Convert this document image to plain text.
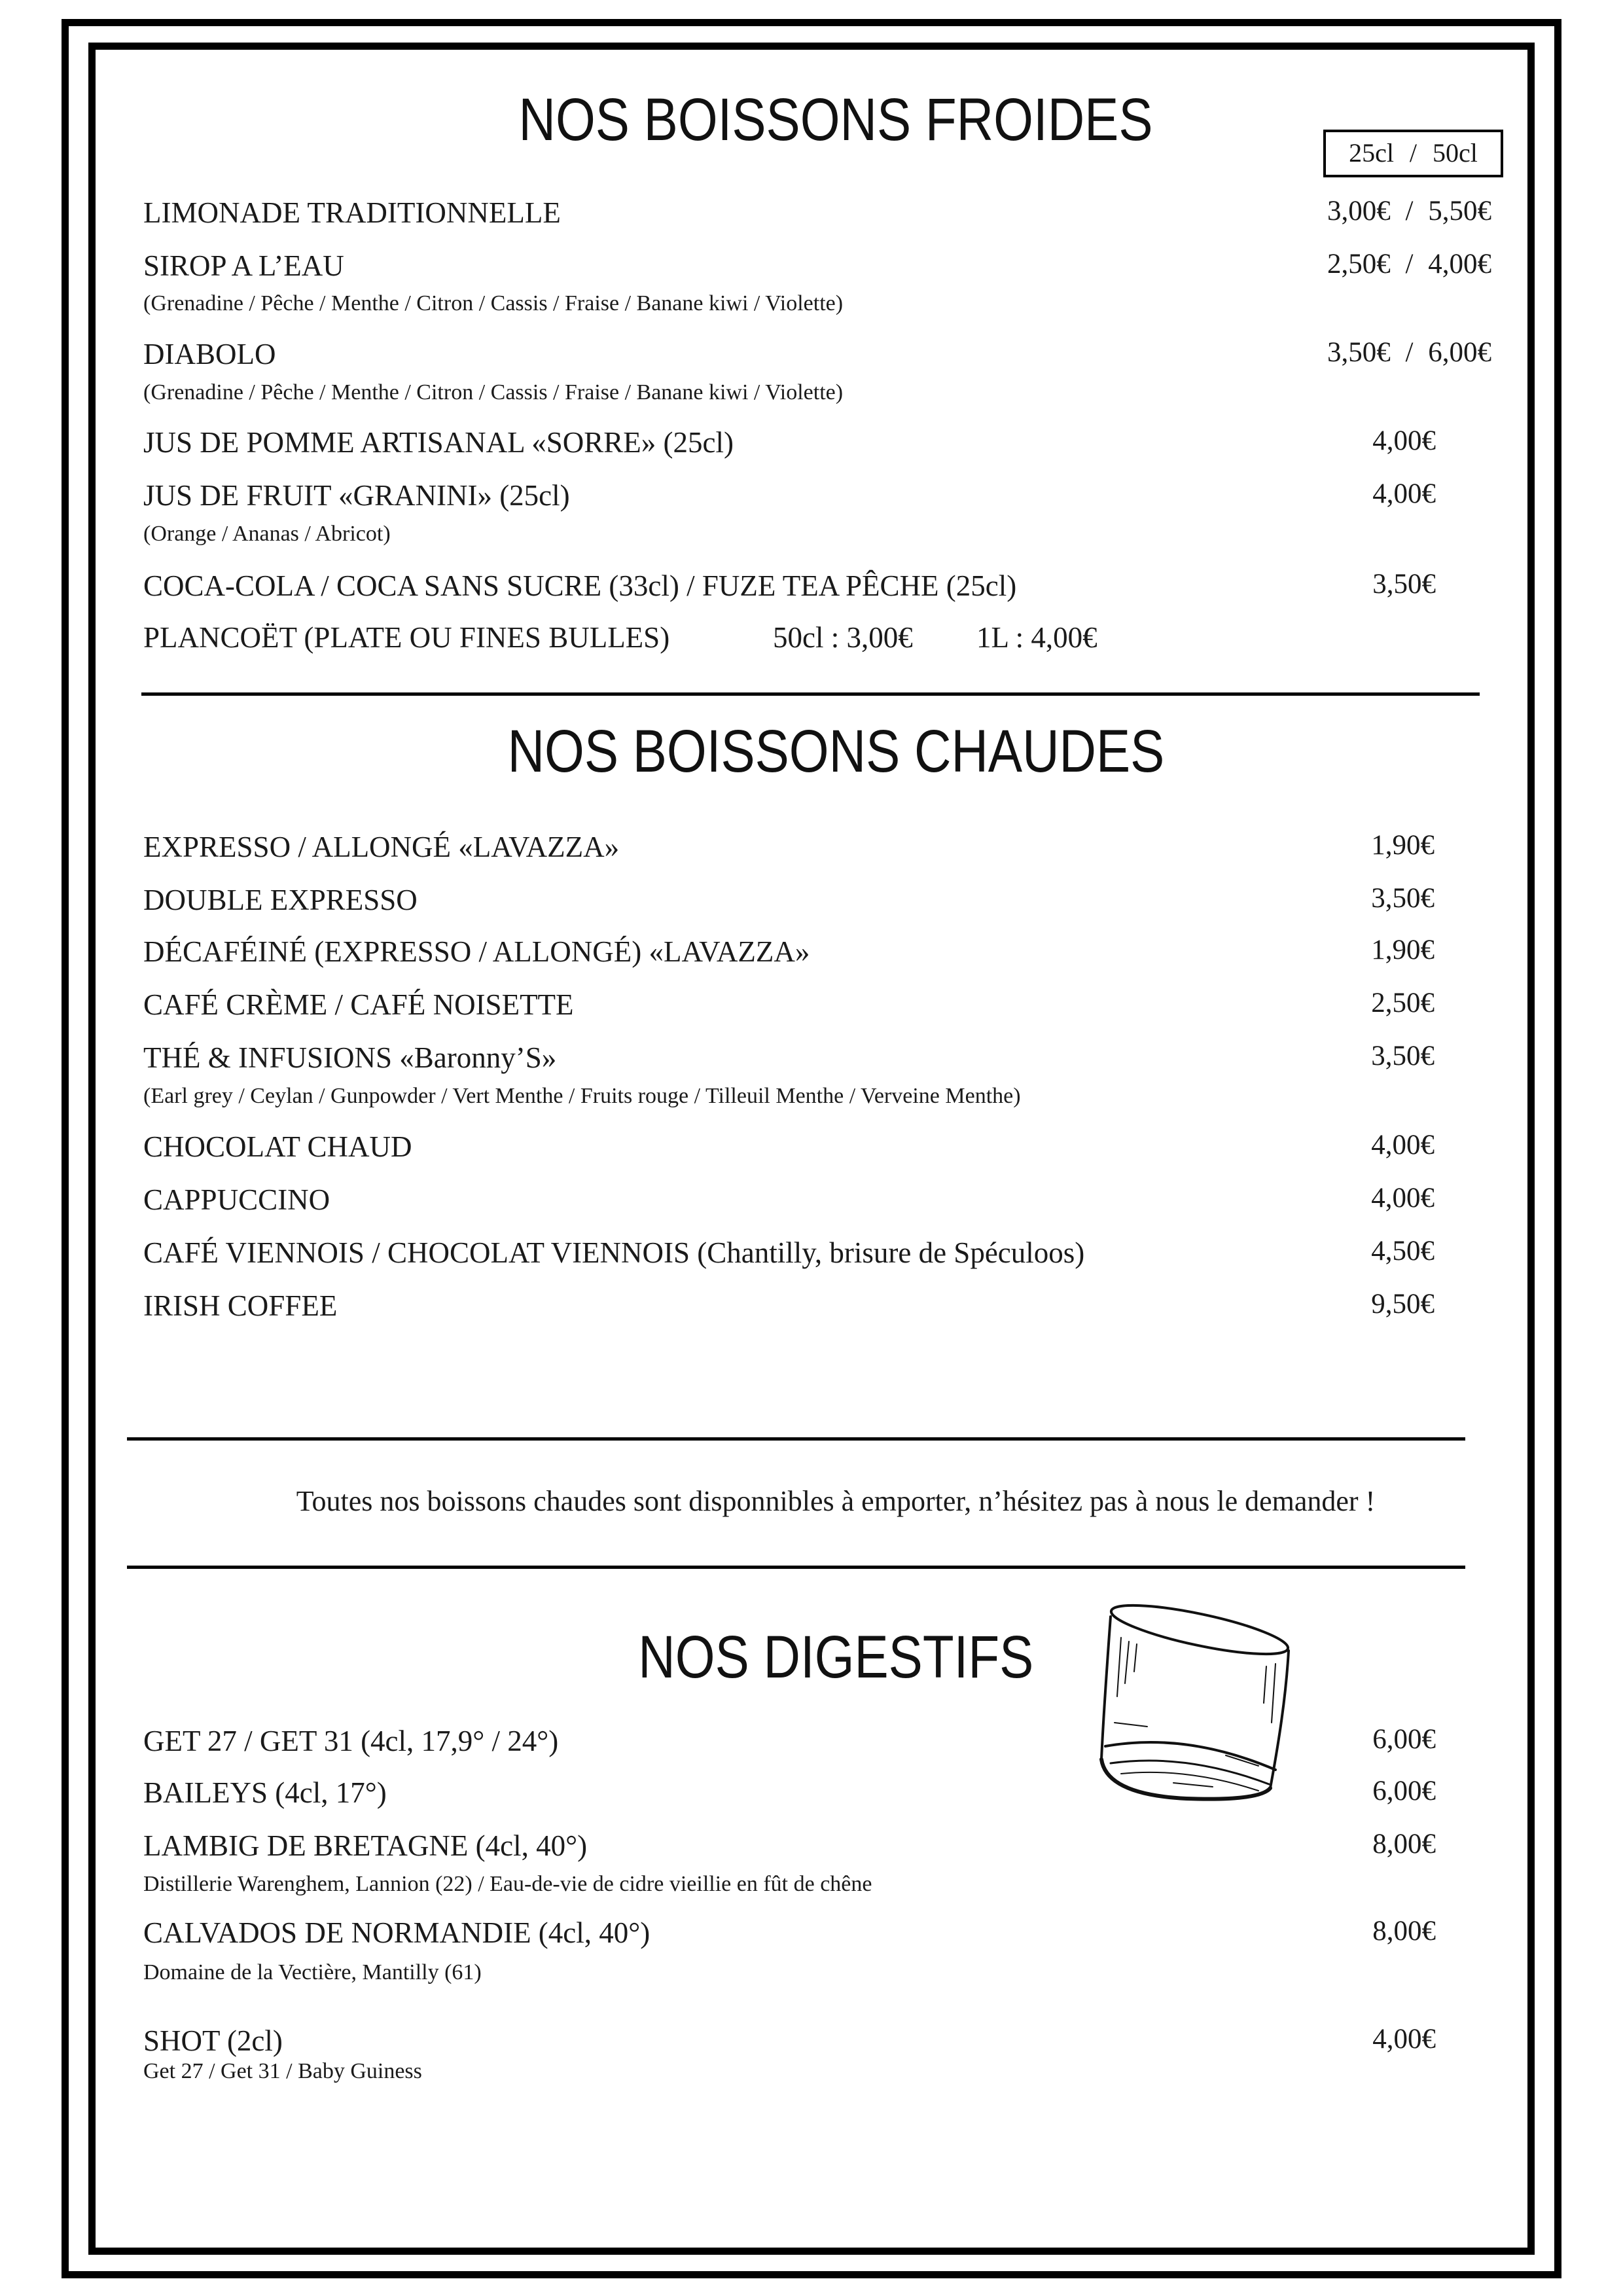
NOS BOISSONS FROIDES	25cl / 50cl
LIMONADE TRADITIONNELLE	3,00€ / 5,50€
SIROP A L’EAU	2,50€ / 4,00€
(Grenadine / Pêche / Menthe / Citron / Cassis / Fraise / Banane kiwi / Violette)
DIABOLO	3,50€ / 6,00€
(Grenadine / Pêche / Menthe / Citron / Cassis / Fraise / Banane kiwi / Violette)
JUS DE POMME ARTISANAL «SORRE» (25cl)	4,00€
JUS DE FRUIT «GRANINI» (25cl)	4,00€
(Orange / Ananas / Abricot)
COCA-COLA / COCA SANS SUCRE (33cl) / FUZE TEA PÊCHE (25cl)	3,50€
PLANCOËT (PLATE OU FINES BULLES)	50cl : 3,00€ 1L : 4,00€
NOS BOISSONS CHAUDES
EXPRESSO / ALLONGÉ «LAVAZZA»	1,90€
DOUBLE EXPRESSO	3,50€
DÉCAFÉINÉ (EXPRESSO / ALLONGÉ) «LAVAZZA»	1,90€
CAFÉ CRÈME / CAFÉ NOISETTE	2,50€
THÉ & INFUSIONS «Baronny’S»	3,50€
(Earl grey / Ceylan / Gunpowder / Vert Menthe / Fruits rouge / Tilleuil Menthe / Verveine Menthe)
CHOCOLAT CHAUD	4,00€
CAPPUCCINO	4,00€
CAFÉ VIENNOIS / CHOCOLAT VIENNOIS (Chantilly, brisure de Spéculoos)	4,50€
IRISH COFFEE	9,50€
Toutes nos boissons chaudes sont disponnibles à emporter, n’hésitez pas à nous le demander !
NOS DIGESTIFS
GET 27 / GET 31 (4cl, 17,9° / 24°)	6,00€
BAILEYS (4cl, 17°)	6,00€
LAMBIG DE BRETAGNE (4cl, 40°)	8,00€
Distillerie Warenghem, Lannion (22) / Eau-de-vie de cidre vieillie en fût de chêne
CALVADOS DE NORMANDIE (4cl, 40°)	8,00€
Domaine de la Vectière, Mantilly (61)
SHOT (2cl)	4,00€
Get 27 / Get 31 / Baby Guiness
